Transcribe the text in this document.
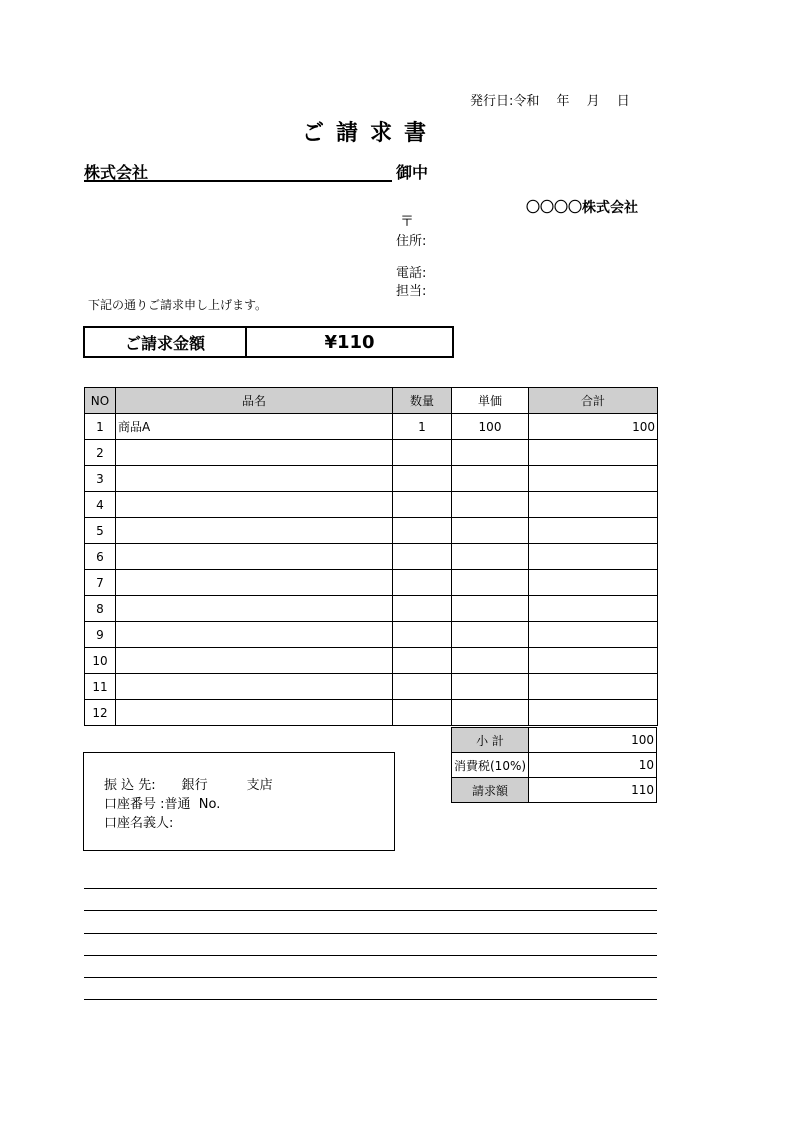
発行日:令和　 年　 月　 日
ご請求書
株式会社	御中
〇〇〇〇株式会社
〒
住所:
電話:
担当:
下記の通りご請求申し上げます。
ご請求金額	¥110
NO	品名	数量	単価	合計
1	商品A	1	100	100
2				
3				
4				
5				
6				
7				
8				
9				
10				
11				
12				
小 計	100
消費税(10%)	10
請求額	110
振 込 先:　　銀行　　　支店
口座番号 :普通  No.
口座名義人:
